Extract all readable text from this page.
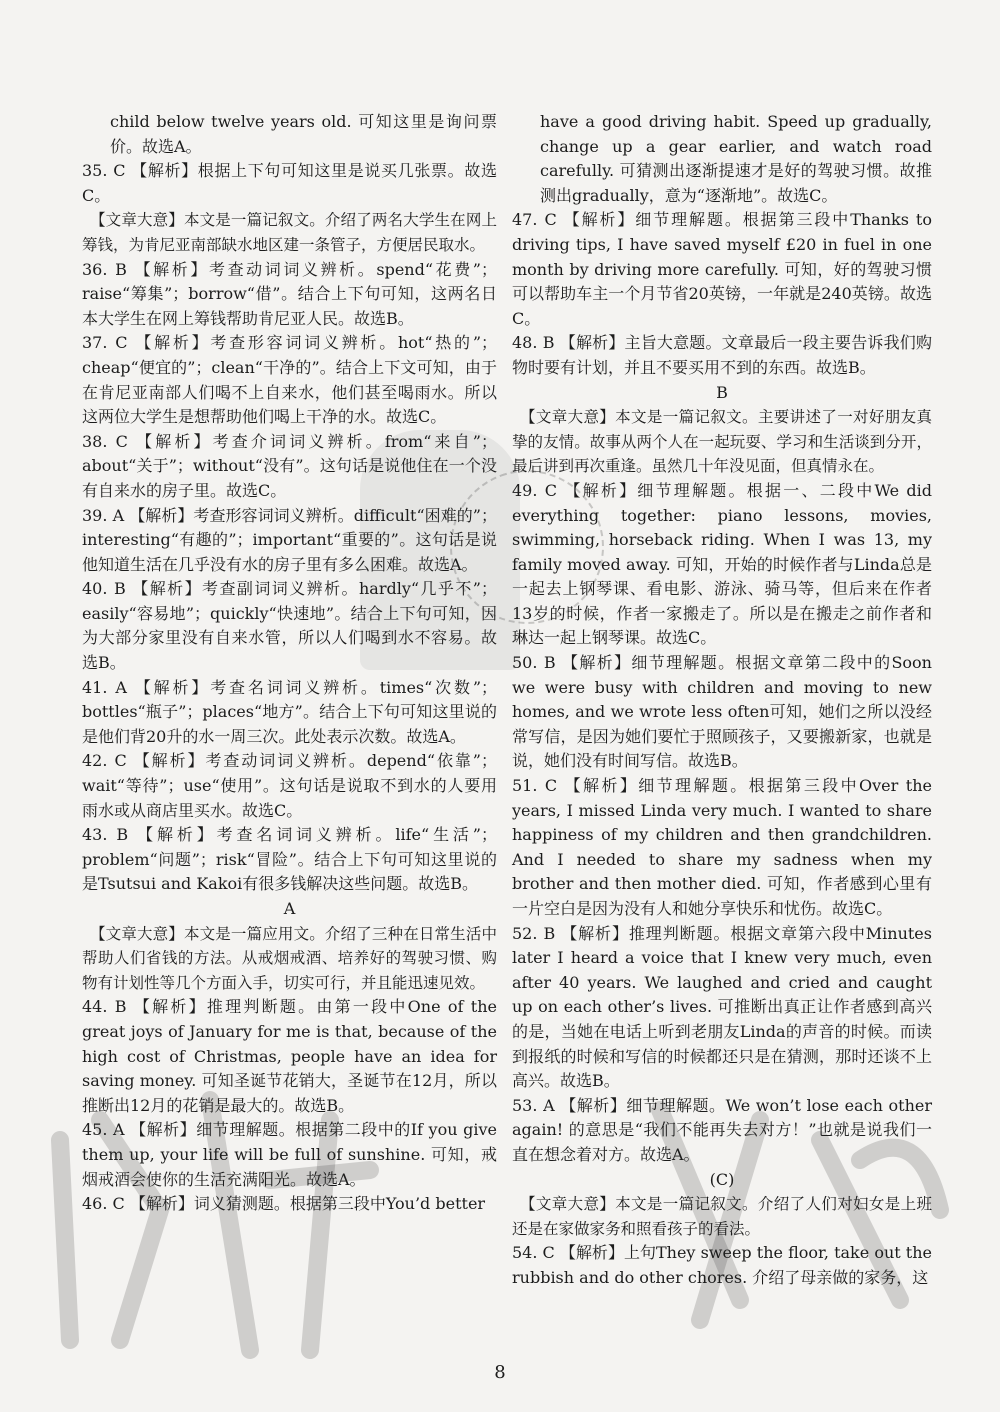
child below twelve years old. 可知这里是询问票价。故选A。

35. C 【解析】根据上下句可知这里是说买几张票。故选C。

【文章大意】本文是一篇记叙文。介绍了两名大学生在网上筹钱，为肯尼亚南部缺水地区建一条管子，方便居民取水。

36. B 【解析】考查动词词义辨析。spend“花费”；raise“筹集”；borrow“借”。结合上下句可知，这两名日本大学生在网上筹钱帮助肯尼亚人民。故选B。

37. C 【解析】考查形容词词义辨析。hot“热的”；cheap“便宜的”；clean“干净的”。结合上下文可知，由于在肯尼亚南部人们喝不上自来水，他们甚至喝雨水。所以这两位大学生是想帮助他们喝上干净的水。故选C。

38. C 【解析】考查介词词义辨析。from“来自”；about“关于”；without“没有”。这句话是说他住在一个没有自来水的房子里。故选C。

39. A 【解析】考查形容词词义辨析。difficult“困难的”；interesting“有趣的”；important“重要的”。这句话是说他知道生活在几乎没有水的房子里有多么困难。故选A。

40. B 【解析】考查副词词义辨析。hardly“几乎不”；easily“容易地”；quickly“快速地”。结合上下句可知，因为大部分家里没有自来水管，所以人们喝到水不容易。故选B。

41. A 【解析】考查名词词义辨析。times“次数”；bottles“瓶子”；places“地方”。结合上下句可知这里说的是他们背20升的水一周三次。此处表示次数。故选A。

42. C 【解析】考查动词词义辨析。depend“依靠”；wait“等待”；use“使用”。这句话是说取不到水的人要用雨水或从商店里买水。故选C。

43. B 【解析】考查名词词义辨析。life“生活”；problem“问题”；risk“冒险”。结合上下句可知这里说的是Tsutsui and Kakoi有很多钱解决这些问题。故选B。

A

【文章大意】本文是一篇应用文。介绍了三种在日常生活中帮助人们省钱的方法。从戒烟戒酒、培养好的驾驶习惯、购物有计划性等几个方面入手，切实可行，并且能迅速见效。

44. B 【解析】推理判断题。由第一段中One of the great joys of January for me is that, because of the high cost of Christmas, people have an idea for saving money. 可知圣诞节花销大，圣诞节在12月，所以推断出12月的花销是最大的。故选B。

45. A 【解析】细节理解题。根据第二段中的If you give them up, your life will be full of sunshine. 可知，戒烟戒酒会使你的生活充满阳光。故选A。

46. C 【解析】词义猜测题。根据第三段中You’d better

have a good driving habit. Speed up gradually, change up a gear earlier, and watch road carefully. 可猜测出逐渐提速才是好的驾驶习惯。故推测出gradually，意为“逐渐地”。故选C。

47. C 【解析】细节理解题。根据第三段中Thanks to driving tips, I have saved myself £20 in fuel in one month by driving more carefully. 可知，好的驾驶习惯可以帮助车主一个月节省20英镑，一年就是240英镑。故选C。

48. B 【解析】主旨大意题。文章最后一段主要告诉我们购物时要有计划，并且不要买用不到的东西。故选B。

B

【文章大意】本文是一篇记叙文。主要讲述了一对好朋友真挚的友情。故事从两个人在一起玩耍、学习和生活谈到分开，最后讲到再次重逢。虽然几十年没见面，但真情永在。

49. C 【解析】细节理解题。根据一、二段中We did everything together: piano lessons, movies, swimming, horseback riding. When I was 13, my family moved away. 可知，开始的时候作者与Linda总是一起去上钢琴课、看电影、游泳、骑马等，但后来在作者13岁的时候，作者一家搬走了。所以是在搬走之前作者和琳达一起上钢琴课。故选C。

50. B 【解析】细节理解题。根据文章第二段中的Soon we were busy with children and moving to new homes, and we wrote less often可知，她们之所以没经常写信，是因为她们要忙于照顾孩子，又要搬新家，也就是说，她们没有时间写信。故选B。

51. C 【解析】细节理解题。根据第三段中Over the years, I missed Linda very much. I wanted to share happiness of my children and then grandchildren. And I needed to share my sadness when my brother and then mother died. 可知，作者感到心里有一片空白是因为没有人和她分享快乐和忧伤。故选C。

52. B 【解析】推理判断题。根据文章第六段中Minutes later I heard a voice that I knew very much, even after 40 years. We laughed and cried and caught up on each other’s lives. 可推断出真正让作者感到高兴的是，当她在电话上听到老朋友Linda的声音的时候。而读到报纸的时候和写信的时候都还只是在猜测，那时还谈不上高兴。故选B。

53. A 【解析】细节理解题。We won’t lose each other again! 的意思是“我们不能再失去对方！”也就是说我们一直在想念着对方。故选A。

(C)

【文章大意】本文是一篇记叙文。介绍了人们对妇女是上班还是在家做家务和照看孩子的看法。

54. C 【解析】上句They sweep the floor, take out the rubbish and do other chores. 介绍了母亲做的家务，这

8
